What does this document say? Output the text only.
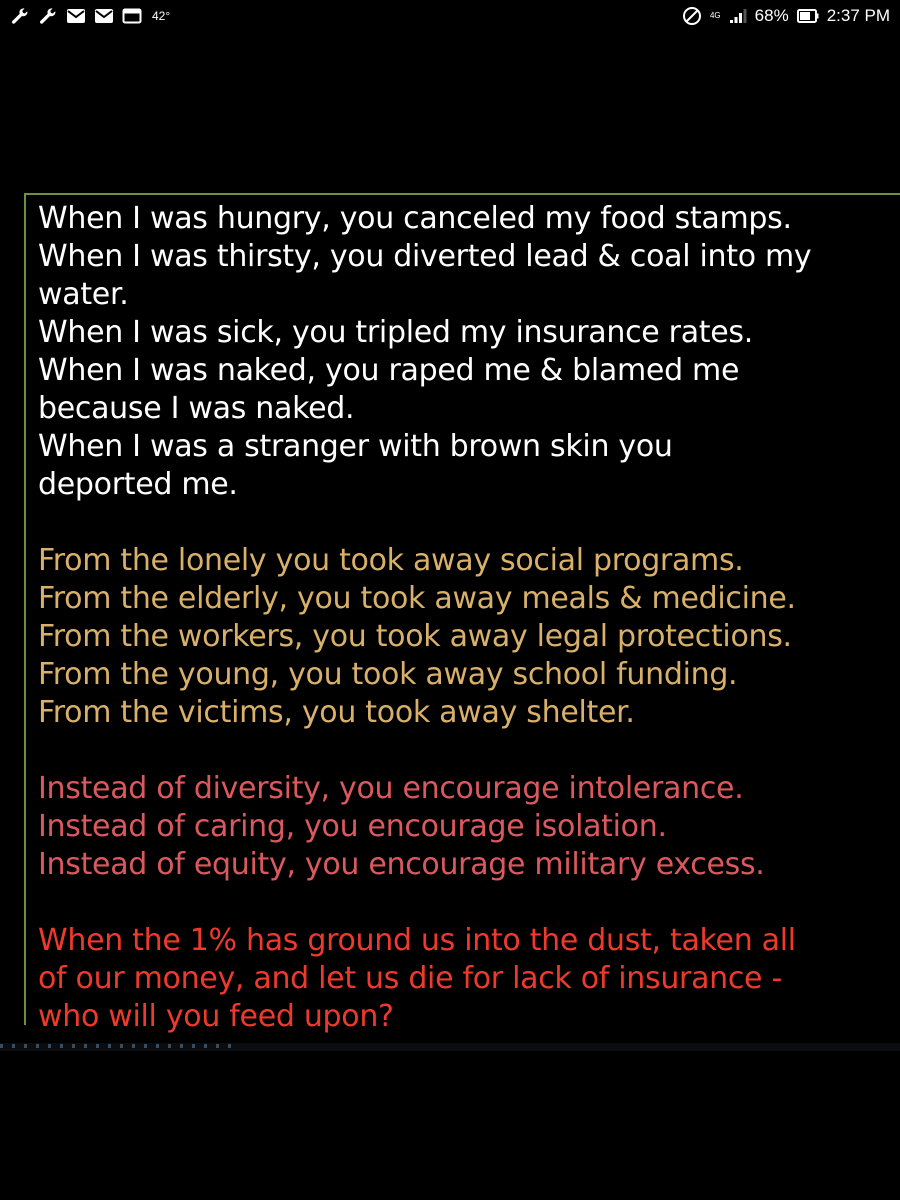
42°	4G 68% 2:37 PM
When I was hungry, you canceled my food stamps.
When I was thirsty, you diverted lead & coal into my
water.
When I was sick, you tripled my insurance rates.
When I was naked, you raped me & blamed me
because I was naked.
When I was a stranger with brown skin you
deported me.
From the lonely you took away social programs.
From the elderly, you took away meals & medicine.
From the workers, you took away legal protections.
From the young, you took away school funding.
From the victims, you took away shelter.
Instead of diversity, you encourage intolerance.
Instead of caring, you encourage isolation.
Instead of equity, you encourage military excess.
When the 1% has ground us into the dust, taken all
of our money, and let us die for lack of insurance -
who will you feed upon?
